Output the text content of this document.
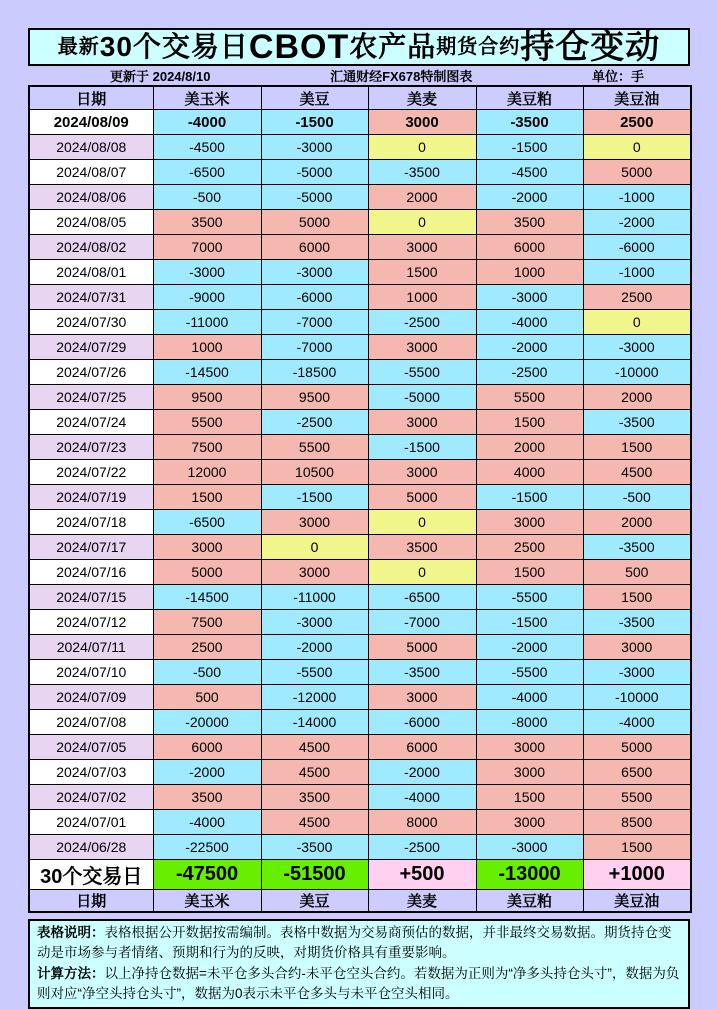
最新 30个交易日 CBOT 农产品 期货合约 持仓变动
更新于 2024/8/10	汇通财经FX678特制图表	单位：手
日期	美玉米	美豆	美麦	美豆粕	美豆油
2024/08/09	-4000	-1500	3000	-3500	2500
2024/08/08	-4500	-3000	0	-1500	0
2024/08/07	-6500	-5000	-3500	-4500	5000
2024/08/06	-500	-5000	2000	-2000	-1000
2024/08/05	3500	5000	0	3500	-2000
2024/08/02	7000	6000	3000	6000	-6000
2024/08/01	-3000	-3000	1500	1000	-1000
2024/07/31	-9000	-6000	1000	-3000	2500
2024/07/30	-11000	-7000	-2500	-4000	0
2024/07/29	1000	-7000	3000	-2000	-3000
2024/07/26	-14500	-18500	-5500	-2500	-10000
2024/07/25	9500	9500	-5000	5500	2000
2024/07/24	5500	-2500	3000	1500	-3500
2024/07/23	7500	5500	-1500	2000	1500
2024/07/22	12000	10500	3000	4000	4500
2024/07/19	1500	-1500	5000	-1500	-500
2024/07/18	-6500	3000	0	3000	2000
2024/07/17	3000	0	3500	2500	-3500
2024/07/16	5000	3000	0	1500	500
2024/07/15	-14500	-11000	-6500	-5500	1500
2024/07/12	7500	-3000	-7000	-1500	-3500
2024/07/11	2500	-2000	5000	-2000	3000
2024/07/10	-500	-5500	-3500	-5500	-3000
2024/07/09	500	-12000	3000	-4000	-10000
2024/07/08	-20000	-14000	-6000	-8000	-4000
2024/07/05	6000	4500	6000	3000	5000
2024/07/03	-2000	4500	-2000	3000	6500
2024/07/02	3500	3500	-4000	1500	5500
2024/07/01	-4000	4500	8000	3000	8500
2024/06/28	-22500	-3500	-2500	-3000	1500
30个交易日	-47500	-51500	+500	-13000	+1000
日期	美玉米	美豆	美麦	美豆粕	美豆油

表格说明：表格根据公开数据按需编制。表格中数据为交易商预估的数据，并非最终交易数据。期货持仓变动是市场参与者情绪、预期和行为的反映，对期货价格具有重要影响。

计算方法：以上净持仓数据=未平仓多头合约-未平仓空头合约。若数据为正则为“净多头持仓头寸”，数据为负则对应“净空头持仓头寸”，数据为0表示未平仓多头与未平仓空头相同。
